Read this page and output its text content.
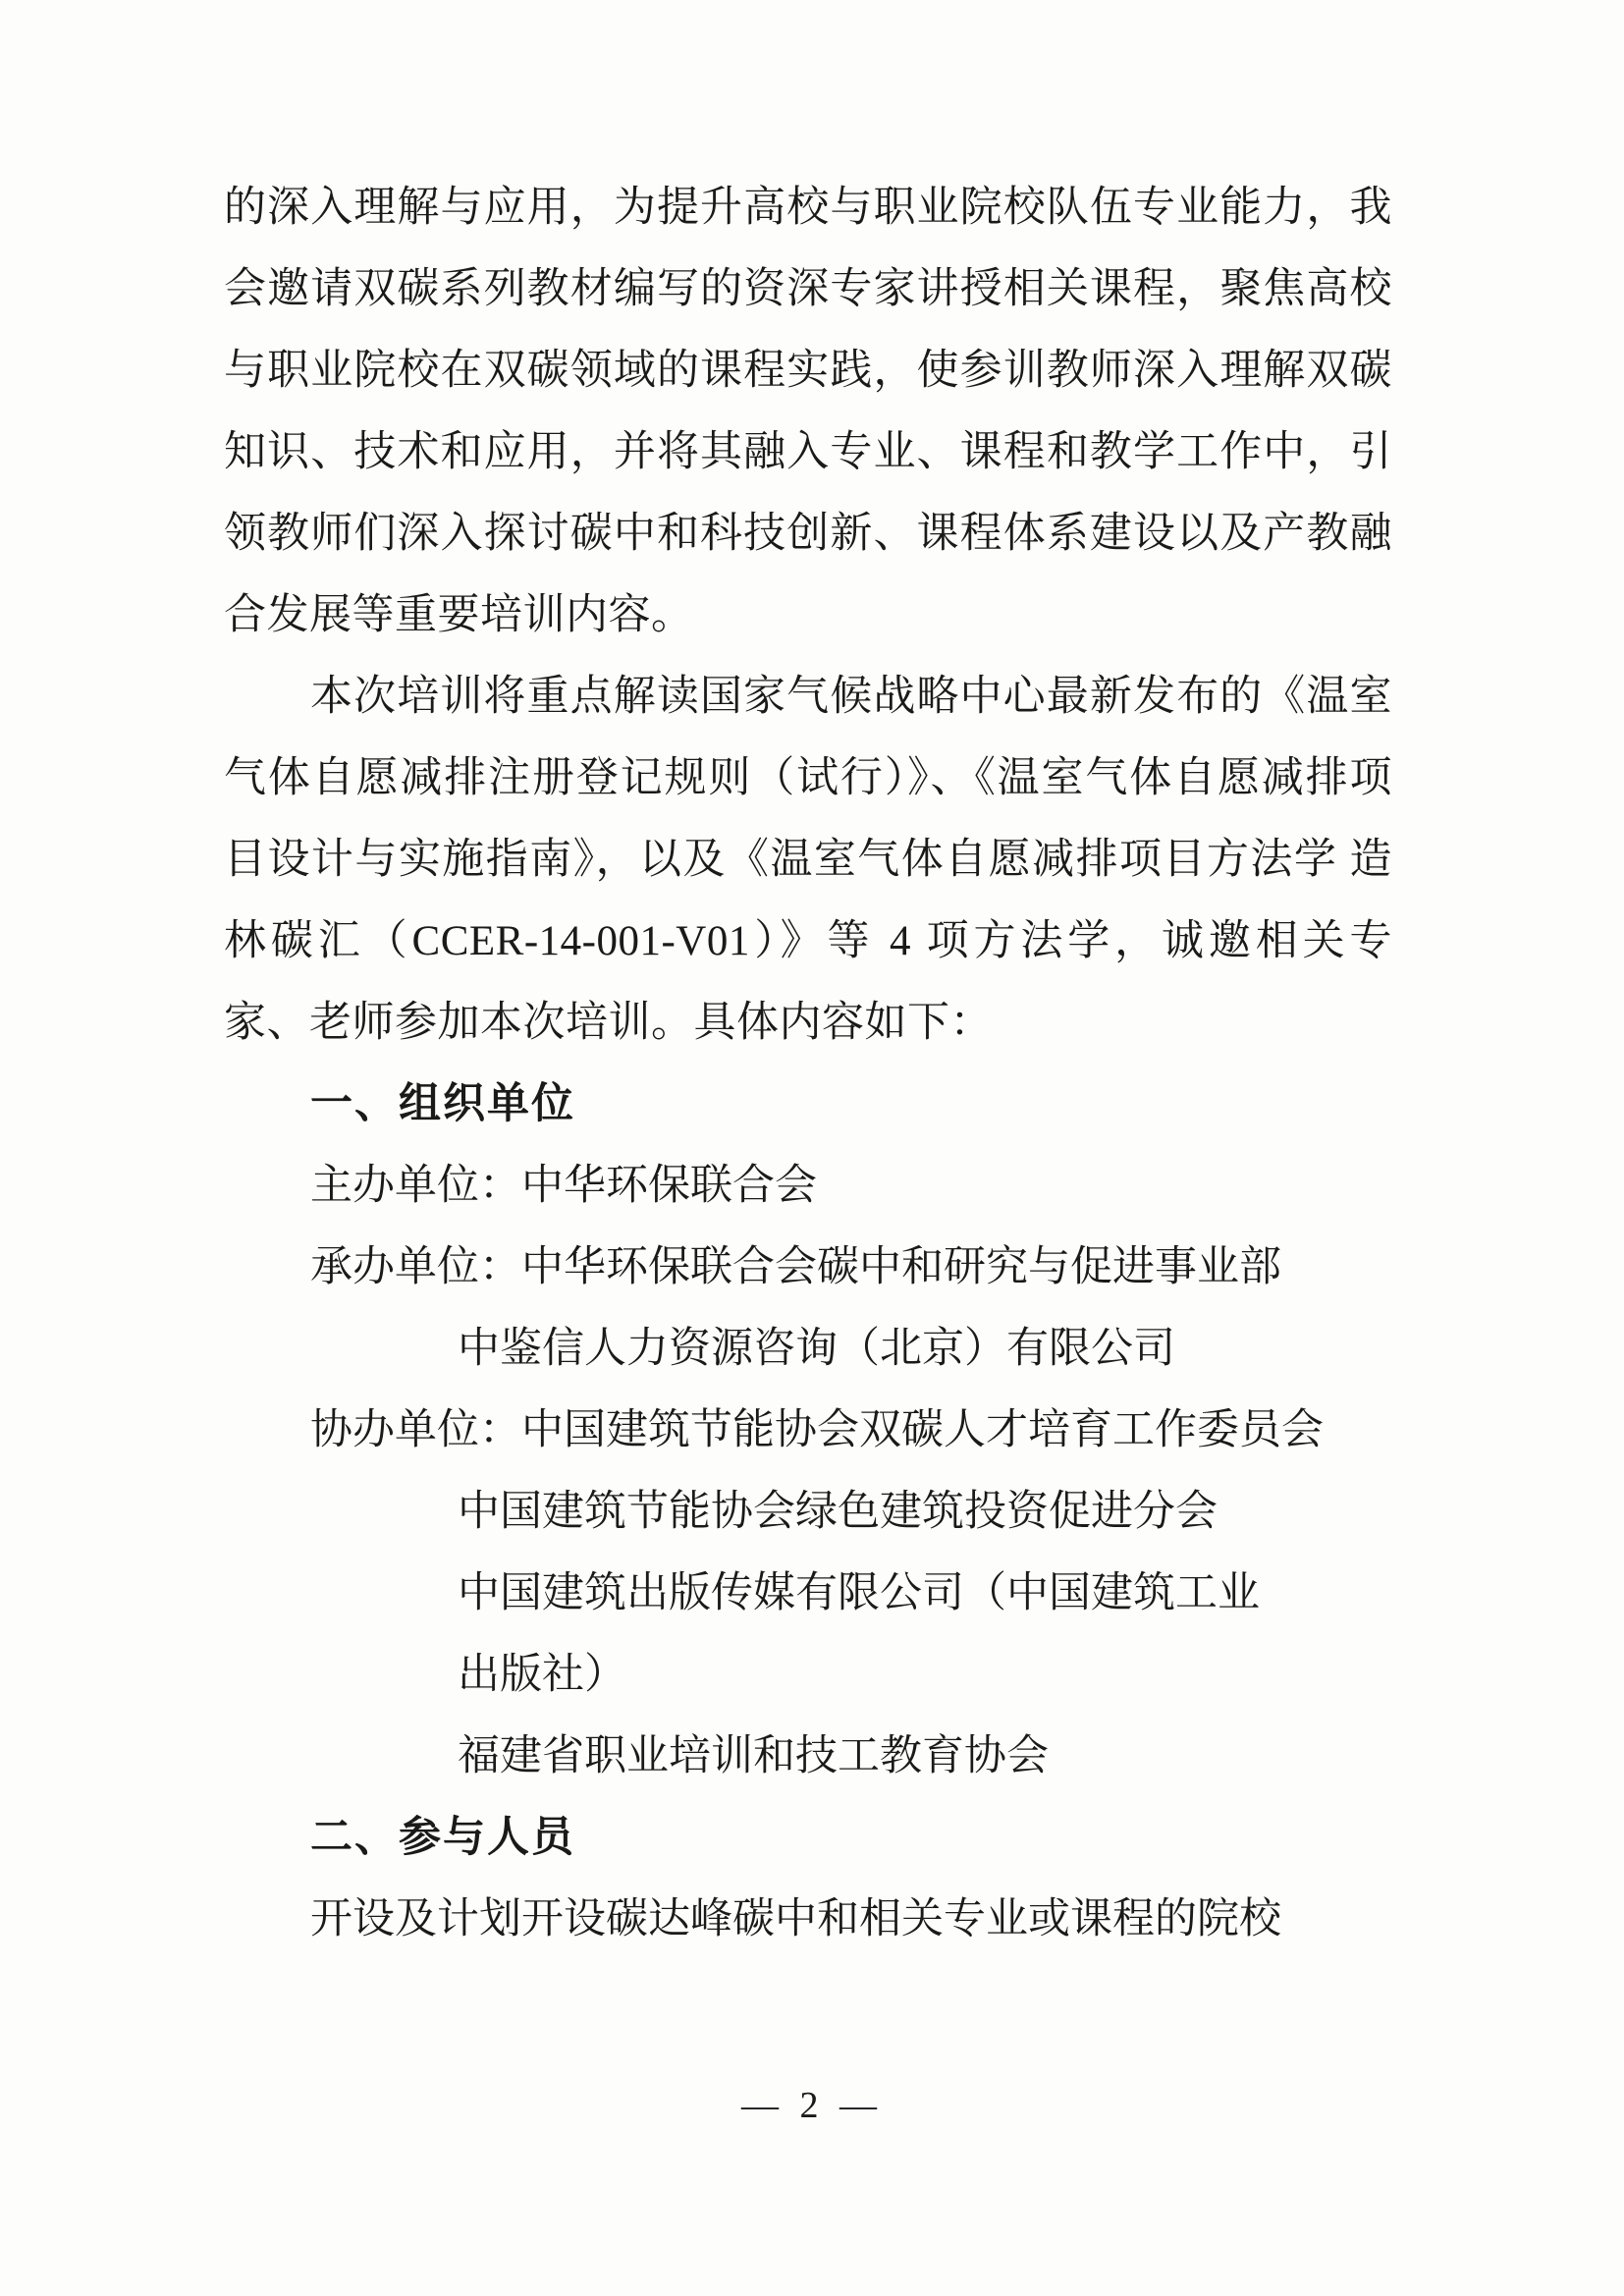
的深入理解与应用，为提升高校与职业院校队伍专业能力，我会邀请双碳系列教材编写的资深专家讲授相关课程，聚焦高校与职业院校在双碳领域的课程实践，使参训教师深入理解双碳知识、技术和应用，并将其融入专业、课程和教学工作中，引领教师们深入探讨碳中和科技创新、课程体系建设以及产教融合发展等重要培训内容。

本次培训将重点解读国家气候战略中心最新发布的《温室气体自愿减排注册登记规则（试行）》、《温室气体自愿减排项目设计与实施指南》，以及《温室气体自愿减排项目方法学 造林碳汇（CCER-14-001-V01）》等 4 项方法学，诚邀相关专家、老师参加本次培训。具体内容如下：

一、组织单位

主办单位：中华环保联合会

承办单位：中华环保联合会碳中和研究与促进事业部

中鉴信人力资源咨询（北京）有限公司

协办单位：中国建筑节能协会双碳人才培育工作委员会

中国建筑节能协会绿色建筑投资促进分会

中国建筑出版传媒有限公司（中国建筑工业

出版社）

福建省职业培训和技工教育协会

二、参与人员

开设及计划开设碳达峰碳中和相关专业或课程的院校

— 2 —
